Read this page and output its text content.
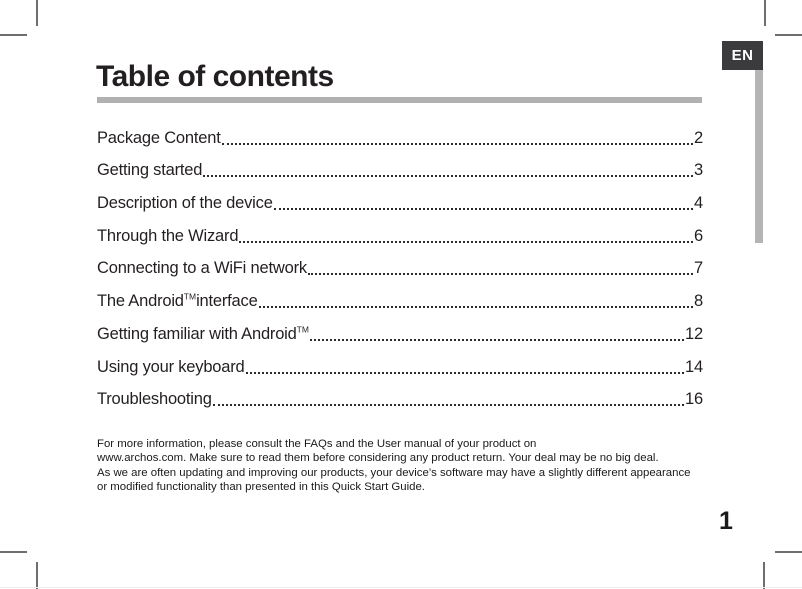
EN
Table of contents
Package Content	2
Getting started	3
Description of the device	4
Through the Wizard	6
Connecting to a WiFi network	7
The Android™interface	8
Getting familiar with Android™	12
Using your keyboard	14
Troubleshooting	16
For more information, please consult the FAQs and the User manual of your product on
www.archos.com. Make sure to read them before considering any product return. Your deal may be no big deal.
As we are often updating and improving our products, your device’s software may have a slightly different appearance
or modified functionality than presented in this Quick Start Guide.
1
